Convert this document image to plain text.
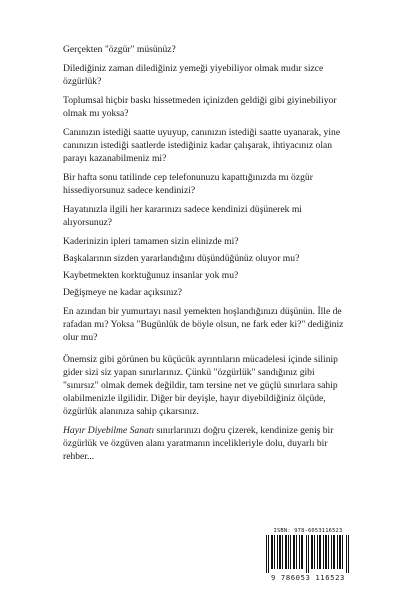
Gerçekten "özgür" müsünüz?

Dilediğiniz zaman dilediğiniz yemeği yiyebiliyor olmak mıdır sizce özgürlük?

Toplumsal hiçbir baskı hissetmeden içinizden geldiği gibi giyinebiliyor olmak mı yoksa?

Canınızın istediği saatte uyuyup, canınızın istediği saatte uyanarak, yine canınızın istediği saatlerde istediğiniz kadar çalışarak, ihtiyacınız olan parayı kazanabilmeniz mi?

Bir hafta sonu tatilinde cep telefonunuzu kapattığınızda mı özgür hissediyorsunuz sadece kendinizi?

Hayatınızla ilgili her kararınızı sadece kendinizi düşünerek mi alıyorsunuz?

Kaderinizin ipleri tamamen sizin elinizde mi?

Başkalarının sizden yararlandığını düşündüğünüz oluyor mu?

Kaybetmekten korktuğunuz insanlar yok mu?

Değişmeye ne kadar açıksınız?

En azından bir yumurtayı nasıl yemekten hoşlandığınızı düşünün. İlle de rafadan mı? Yoksa "Bugünlük de böyle olsun, ne fark eder ki?" dediğiniz olur mu?

Önemsiz gibi görünen bu küçücük ayrıntıların mücadelesi içinde silinip gider sizi siz yapan sınırlarınız. Çünkü "özgürlük" sandığınız gibi "sınırsız" olmak demek değildir, tam tersine net ve güçlü sınırlara sahip olabilmenizle ilgilidir. Diğer bir deyişle, hayır diyebildiğiniz ölçüde, özgürlük alanınıza sahip çıkarsınız.

Hayır Diyebilme Sanatı sınırlarınızı doğru çizerek, kendinize geniş bir özgürlük ve özgüven alanı yaratmanın incelikleriyle dolu, duyarlı bir rehber...

ISBN: 978-6053116523
9 786053 116523
